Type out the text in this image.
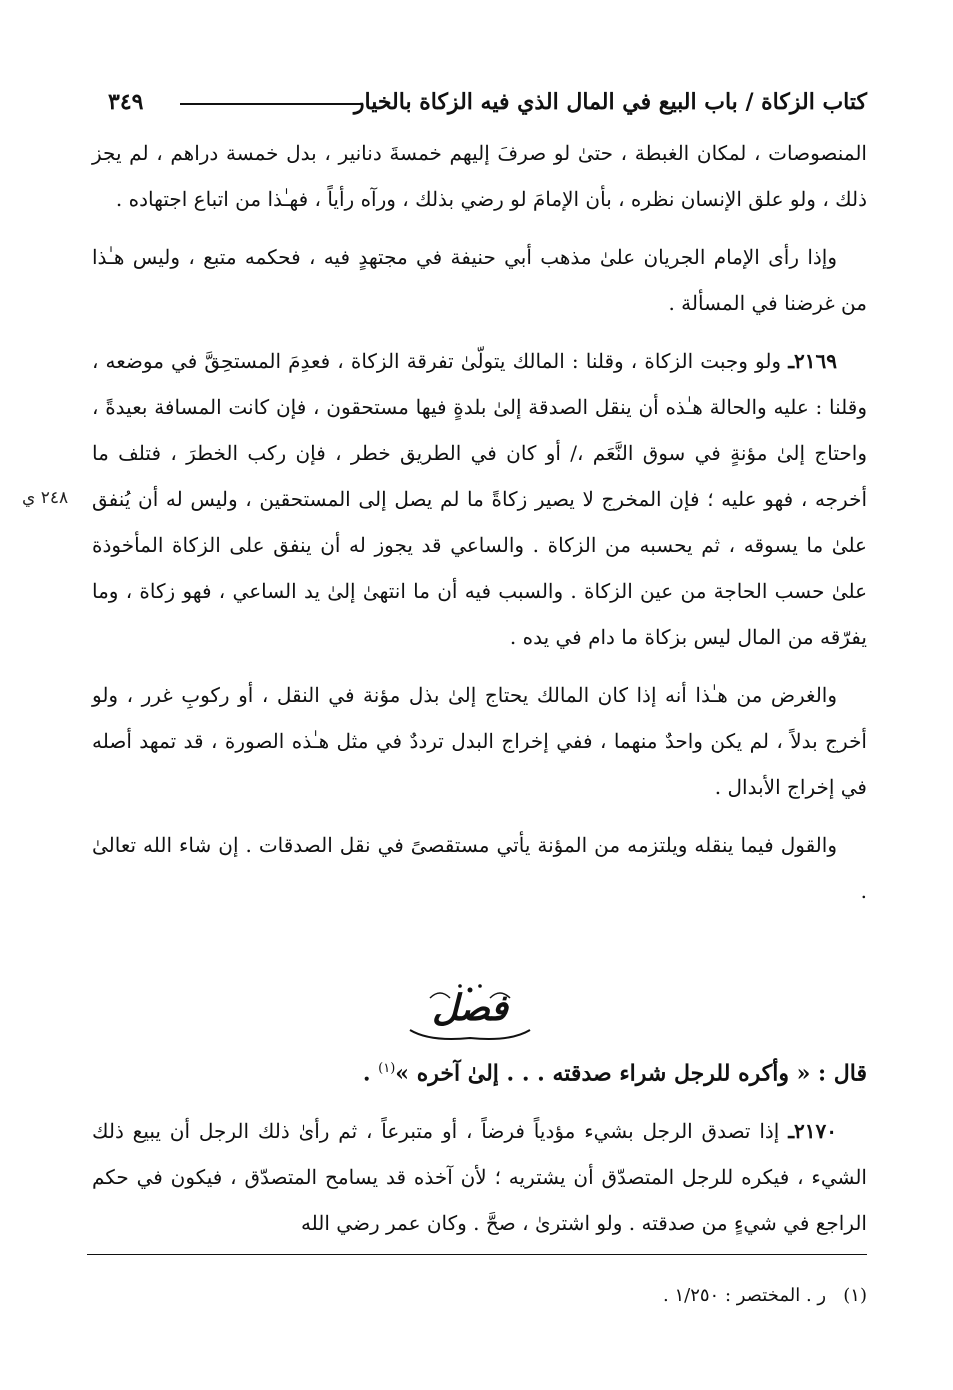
كتاب الزكاة / باب البيع في المال الذي فيه الزكاة بالخيار
٣٤٩

المنصوصات ، لمكان الغبطة ، حتىٰ لو صرفَ إليهم خمسةَ دنانير ، بدل خمسة دراهم ، لم يجز ذلك ، ولو علق الإنسان نظره ، بأن الإمامَ لو رضي بذلك ، ورآه رأياً ، فهـٰذا من اتباع اجتهاده .

وإذا رأى الإمام الجريان علىٰ مذهب أبي حنيفة في مجتهدٍ فيه ، فحكمه متبع ، وليس هـٰذا من غرضنا في المسألة .

٢١٦٩ـ ولو وجبت الزكاة ، وقلنا : المالك يتولّىٰ تفرقة الزكاة ، فعدِمَ المستحِقَّ في موضعه ، وقلنا : عليه والحالة هـٰذه أن ينقل الصدقة إلىٰ بلدةٍ فيها مستحقون ، فإن كانت المسافة بعيدةً ، واحتاج إلىٰ مؤنةٍ في سوق النَّعَم ،/ أو كان في الطريق خطر ، فإن ركب الخطرَ ، فتلف ما أخرجه ، فهو عليه ؛ فإن المخرج لا يصير زكاةً ما لم يصل إلى المستحقين ، وليس له أن يُنفق علىٰ ما يسوقه ، ثم يحسبه من الزكاة . والساعي قد يجوز له أن ينفق على الزكاة المأخوذة علىٰ حسب الحاجة من عين الزكاة . والسبب فيه أن ما انتهىٰ إلىٰ يد الساعي ، فهو زكاة ، وما يفرّقه من المال ليس بزكاة ما دام في يده .

والغرض من هـٰذا أنه إذا كان المالك يحتاج إلىٰ بذل مؤنة في النقل ، أو ركوبِ غرر ، ولو أخرج بدلاً ، لم يكن واحدٌ منهما ، ففي إخراج البدل ترددٌ في مثل هـٰذه الصورة ، قد تمهد أصله في إخراج الأبدال .

والقول فيما ينقله ويلتزمه من المؤنة يأتي مستقصىً في نقل الصدقات . إن شاء الله تعالىٰ .

٢٤٨ ي
فصل
قال : « وأكره للرجل شراء صدقته . . . إلىٰ آخره »$^{(١)}$ .

٢١٧٠ـ إذا تصدق الرجل بشيء مؤدياً فرضاً ، أو متبرعاً ، ثم رأىٰ ذلك الرجل أن يبيع ذلك الشيء ، فيكره للرجل المتصدّق أن يشتريه ؛ لأن آخذه قد يسامح المتصدّق ، فيكون في حكم الراجع في شيءٍ من صدقته . ولو اشترىٰ ، صحَّ . وكان عمر رضي الله

(١)   ر . المختصر : ١/٢٥٠ .
